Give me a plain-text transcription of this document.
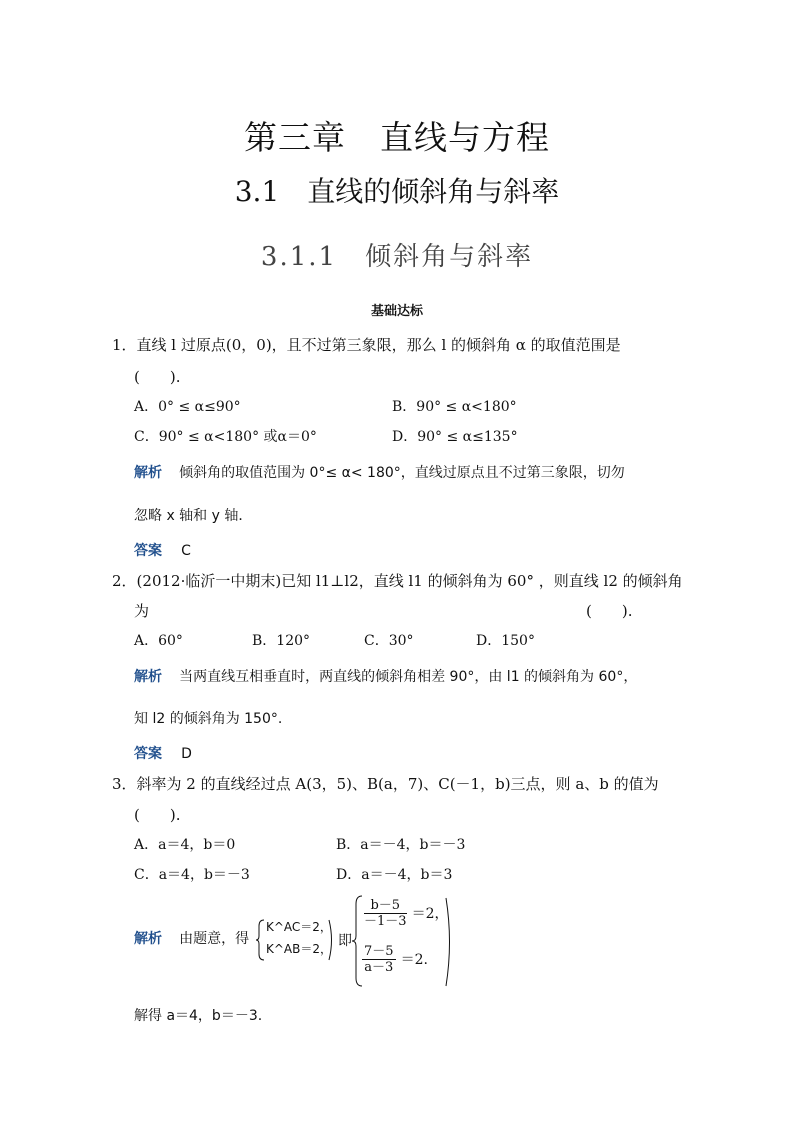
第三章　直线与方程
3.1　直线的倾斜角与斜率
3.1.1　倾斜角与斜率
基础达标
1．直线 l 过原点(0，0)，且不过第三象限，那么 l 的倾斜角 α 的取值范围是
(　　).
A．0° ≤ α≤90°	B．90° ≤ α<180°
C．90° ≤ α<180° 或α＝0°	D．90° ≤ α≤135°
解析 倾斜角的取值范围为 0°≤ α< 180°，直线过原点且不过第三象限，切勿
忽略 x 轴和 y 轴．
答案 C
2．(2012·临沂一中期末)已知 l1⊥l2，直线 l1 的倾斜角为 60° ，则直线 l2 的倾斜角
为	(　　).
A．60°	B．120°	C．30°	D．150°
解析 当两直线互相垂直时，两直线的倾斜角相差 90°，由 l1 的倾斜角为 60°，
知 l2 的倾斜角为 150°.
答案 D
3．斜率为 2 的直线经过点 A(3，5)、B(a，7)、C(－1，b)三点，则 a、b 的值为
(　　).
A．a＝4，b＝0	B．a＝－4，b＝－3
C．a＝4，b＝－3	D．a＝－4，b＝3
解析 由题意，得
K^AC＝2，
K^AB＝2， 即
$\frac{b-5}{-1-3} =2$，
$\frac{7-5}{a-3} =2$.
解得 a＝4，b＝－3.
